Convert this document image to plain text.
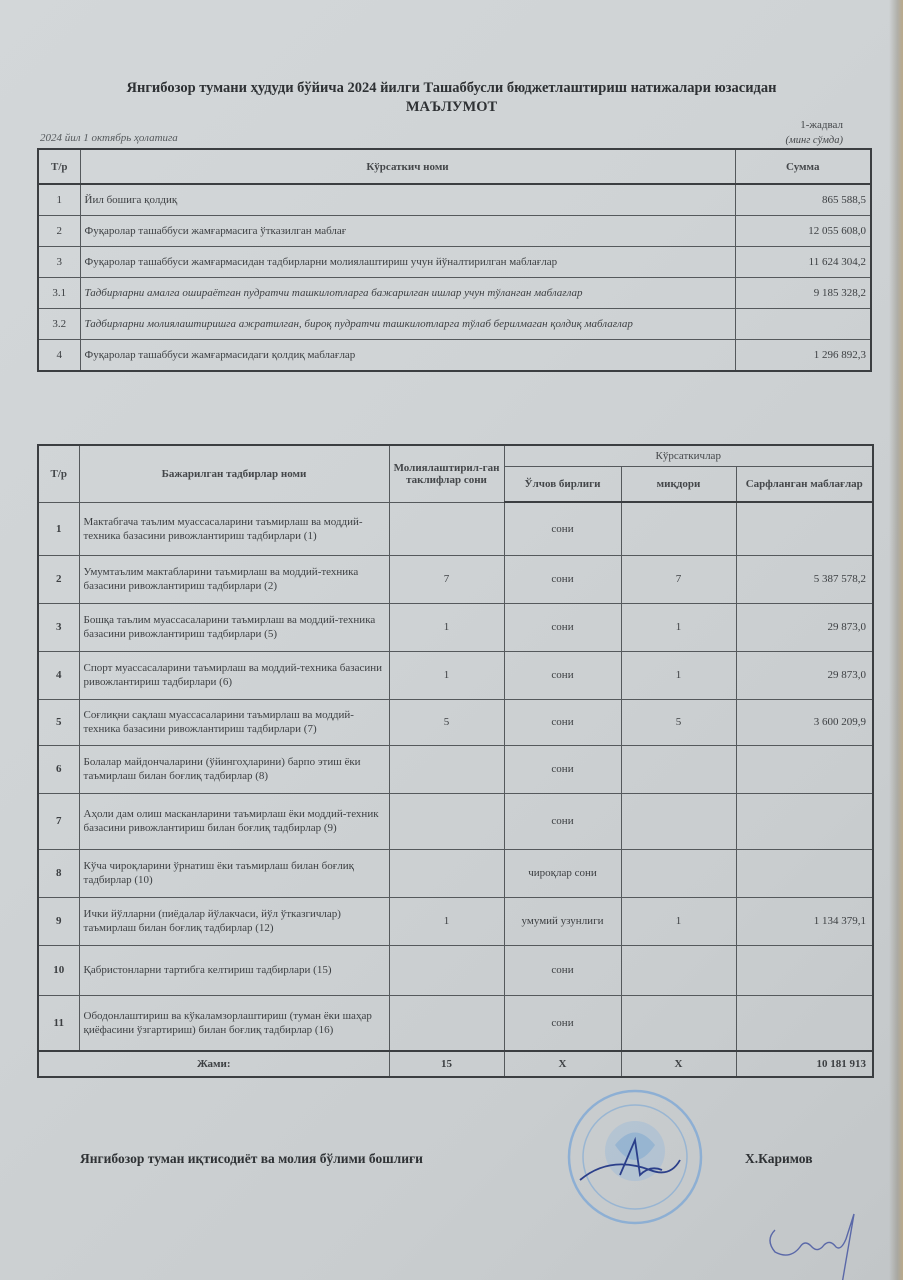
Янгибозор тумани ҳудуди бўйича 2024 йилги Ташаббусли бюджетлаштириш натижалари юзасидан
МАЪЛУМОТ
2024 йил 1 октябрь ҳолатига
1-жадвал
(минг сўмда)
Т/р	Кўрсаткич номи	Сумма
1	Йил бошига қолдиқ	865 588,5
2	Фуқаролар ташаббуси жамғармасига ўтказилган маблағ	12 055 608,0
3	Фуқаролар ташаббуси жамғармасидан тадбирларни молиялаштириш учун йўналтирилган маблағлар	11 624 304,2
3.1	Тадбирларни амалга ошираётган пудратчи ташкилотларга бажарилган ишлар учун тўланган маблағлар	9 185 328,2
3.2	Тадбирларни молиялаштиришга ажратилган, бироқ пудратчи ташкилотларга тўлаб берилмаган қолдиқ маблағлар	
4	Фуқаролар ташаббуси жамғармасидаги қолдиқ маблағлар	1 296 892,3
Т/р	Бажарилган тадбирлар номи	Молиялаштирил-ган таклифлар сони	Кўрсаткичлар		
			Ўлчов бирлиги	миқдори	Сарфланган маблағлар
1	Мактабгача таълим муассасаларини таъмирлаш ва моддий-техника базасини ривожлантириш тадбирлари (1)		сони		
2	Умумтаълим мактабларини таъмирлаш ва моддий-техника базасини ривожлантириш тадбирлари (2)	7	сони	7	5 387 578,2
3	Бошқа таълим муассасаларини таъмирлаш ва моддий-техника базасини ривожлантириш тадбирлари (5)	1	сони	1	29 873,0
4	Спорт муассасаларини таъмирлаш ва моддий-техника базасини ривожлантириш тадбирлари (6)	1	сони	1	29 873,0
5	Соғлиқни сақлаш муассасаларини таъмирлаш ва моддий-техника базасини ривожлантириш тадбирлари (7)	5	сони	5	3 600 209,9
6	Болалар майдончаларини (ўйингоҳларини) барпо этиш ёки таъмирлаш билан боғлиқ тадбирлар (8)		сони		
7	Аҳоли дам олиш масканларини таъмирлаш ёки моддий-техник базасини ривожлантириш билан боғлиқ тадбирлар (9)		сони		
8	Кўча чироқларини ўрнатиш ёки таъмирлаш билан боғлиқ тадбирлар (10)		чироқлар сони		
9	Ички йўлларни (пиёдалар йўлакчаси, йўл ўтказгичлар) таъмирлаш билан боғлиқ тадбирлар (12)	1	умумий узунлиги	1	1 134 379,1
10	Қабристонларни тартибга келтириш тадбирлари (15)		сони		
11	Ободонлаштириш ва кўкаламзорлаштириш (туман ёки шаҳар қиёфасини ўзгартириш) билан боғлиқ тадбирлар (16)		сони		
Жами:		15	X	X	10 181 913
Янгибозор туман иқтисодиёт ва молия бўлими бошлиғи	Х.Каримов
